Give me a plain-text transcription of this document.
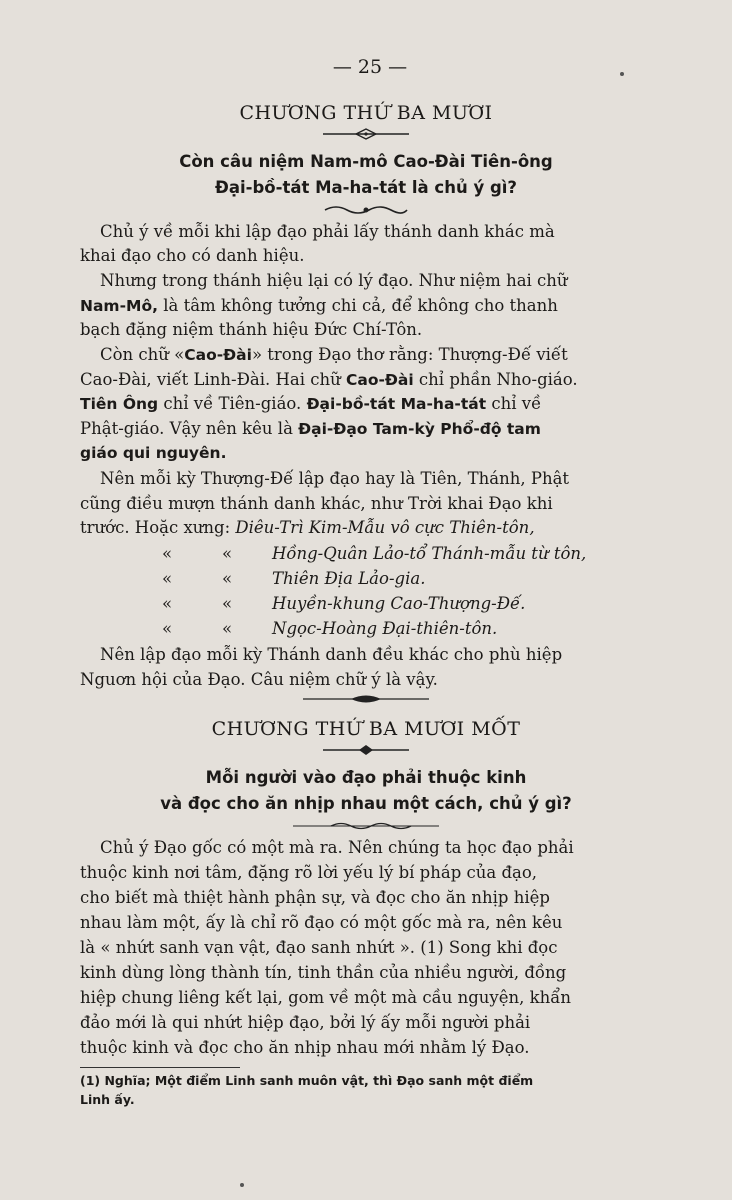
— 25 —
CHƯƠNG THỨ BA MƯƠI
Còn câu niệm Nam-mô Cao-Đài Tiên-ông
Đại-bồ-tát Ma-ha-tát là chủ ý gì?
Chủ ý về mỗi khi lập đạo phải lấy thánh danh khác mà
khai đạo cho có danh hiệu.
Nhưng trong thánh hiệu lại có lý đạo. Như niệm hai chữ
Nam-Mô, là tâm không tưởng chi cả, để không cho thanh
bạch đặng niệm thánh hiệu Đức Chí-Tôn.
Còn chữ «Cao-Đài» trong Đạo thơ rằng: Thượng-Đế viết
Cao-Đài, viết Linh-Đài. Hai chữ Cao-Đài chỉ phần Nho-giáo.
Tiên Ông chỉ về Tiên-giáo. Đại-bồ-tát Ma-ha-tát chỉ về
Phật-giáo. Vậy nên kêu là Đại-Đạo Tam-kỳ Phổ-độ tam
giáo qui nguyên.
Nên mỗi kỳ Thượng-Đế lập đạo hay là Tiên, Thánh, Phật
cũng điều mượn thánh danh khác, như Trời khai Đạo khi
trước. Hoặc xưng: Diêu-Trì Kim-Mẫu vô cực Thiên-tôn,
«	« Hồng-Quân Lảo-tổ Thánh-mẫu từ tôn,
«	« Thiên Địa Lảo-gia.
«	« Huyền-khung Cao-Thượng-Đế.
«	« Ngọc-Hoàng Đại-thiên-tôn.
Nên lập đạo mỗi kỳ Thánh danh đều khác cho phù hiệp
Nguơn hội của Đạo. Câu niệm chữ ý là vậy.
CHƯƠNG THỨ BA MƯƠI MỐT
Mỗi người vào đạo phải thuộc kinh
và đọc cho ăn nhịp nhau một cách, chủ ý gì?
Chủ ý Đạo gốc có một mà ra. Nên chúng ta học đạo phải
thuộc kinh nơi tâm, đặng rõ lời yếu lý bí pháp của đạo,
cho biết mà thiệt hành phận sự, và đọc cho ăn nhịp hiệp
nhau làm một, ấy là chỉ rõ đạo có một gốc mà ra, nên kêu
là « nhứt sanh vạn vật, đạo sanh nhứt ». (1) Song khi đọc
kinh dùng lòng thành tín, tinh thần của nhiều người, đồng
hiệp chung liêng kết lại, gom về một mà cầu nguyện, khẩn
đảo mới là qui nhứt hiệp đạo, bởi lý ấy mỗi người phải
thuộc kinh và đọc cho ăn nhịp nhau mới nhằm lý Đạo.
(1) Nghĩa; Một điểm Linh sanh muôn vật, thì Đạo sanh một điểm
Linh ấy.
